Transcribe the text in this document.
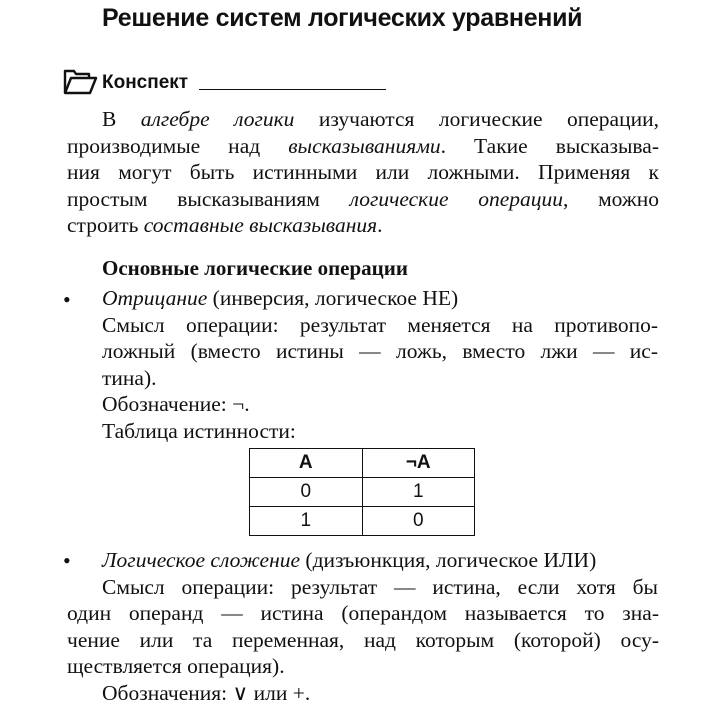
Решение систем логических уравнений
Конспект
В алгебре логики изучаются логические операции,
производимые над высказываниями. Такие высказыва-
ния могут быть истинными или ложными. Применяя к
простым высказываниям логические операции, можно
строить составные высказывания.
Основные логические операции
• Отрицание (инверсия, логическое НЕ)
Смысл операции: результат меняется на противопо-
ложный (вместо истины — ложь, вместо лжи — ис-
тина).
Обозначение: ¬.
Таблица истинности:
A	¬A
0	1
1	0
• Логическое сложение (дизъюнкция, логическое ИЛИ)
Смысл операции: результат — истина, если хотя бы
один операнд — истина (операндом называется то зна-
чение или та переменная, над которым (которой) осу-
ществляется операция).
Обозначения: ∨ или +.
